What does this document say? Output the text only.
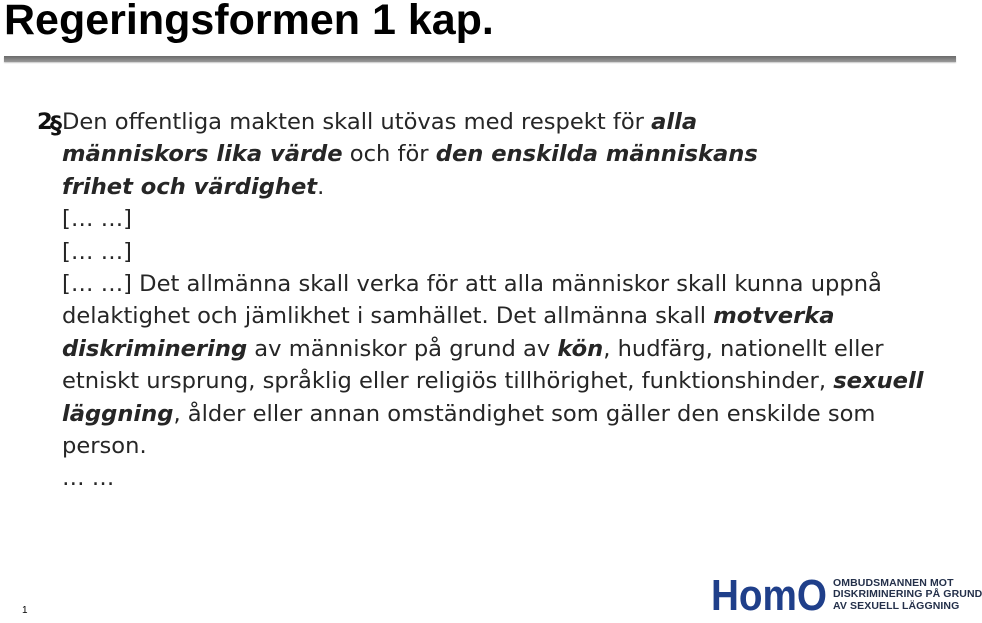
Regeringsformen 1 kap.
2
§ Den offentliga makten skall utövas med respekt för alla
människors lika värde och för den enskilda människans
frihet och värdighet.

[… …]

[… …]

[… …] Det allmänna skall verka för att alla människor skall kunna uppnå delaktighet och jämlikhet i samhället. Det allmänna skall motverka diskriminering av människor på grund av kön, hudfärg, nationellt eller etniskt ursprung, språklig eller religiös tillhörighet, funktionshinder, sexuell läggning, ålder eller annan omständighet som gäller den enskilde som person.

… …

1	HomO OMBUDSMANNEN MOT
DISKRIMINERING PÅ GRUND
AV SEXUELL LÄGGNING
